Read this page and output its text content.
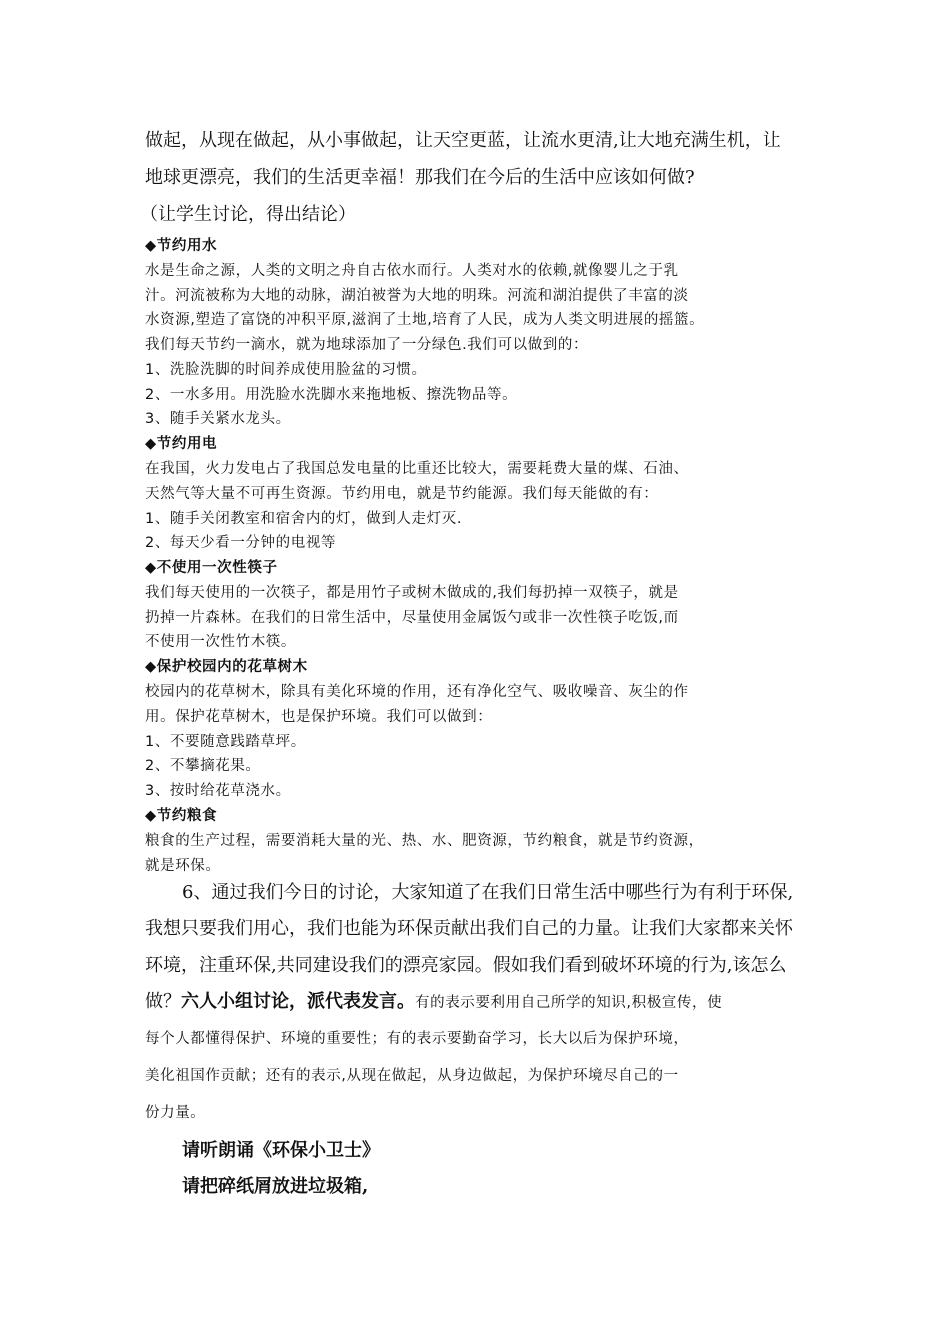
做起，从现在做起，从小事做起，让天空更蓝，让流水更清,让大地充满生机，让
地球更漂亮，我们的生活更幸福！那我们在今后的生活中应该如何做?
（让学生讨论，得出结论）
◆节约用水
水是生命之源，人类的文明之舟自古依水而行。人类对水的依赖,就像婴儿之于乳
汁。河流被称为大地的动脉，湖泊被誉为大地的明珠。河流和湖泊提供了丰富的淡
水资源,塑造了富饶的冲积平原,滋润了土地,培育了人民，成为人类文明进展的摇篮。
我们每天节约一滴水，就为地球添加了一分绿色.我们可以做到的：
1、洗脸洗脚的时间养成使用脸盆的习惯。
2、一水多用。用洗脸水洗脚水来拖地板、擦洗物品等。
3、随手关紧水龙头。
◆节约用电
在我国，火力发电占了我国总发电量的比重还比较大，需要耗费大量的煤、石油、
天然气等大量不可再生资源。节约用电，就是节约能源。我们每天能做的有：
1、随手关闭教室和宿舍内的灯，做到人走灯灭.
2、每天少看一分钟的电视等
◆不使用一次性筷子
我们每天使用的一次筷子，都是用竹子或树木做成的,我们每扔掉一双筷子，就是
扔掉一片森林。在我们的日常生活中，尽量使用金属饭勺或非一次性筷子吃饭,而
不使用一次性竹木筷。
◆保护校园内的花草树木
校园内的花草树木，除具有美化环境的作用，还有净化空气、吸收噪音、灰尘的作
用。保护花草树木，也是保护环境。我们可以做到：
1、不要随意践踏草坪。
2、不攀摘花果。
3、按时给花草浇水。
◆节约粮食
粮食的生产过程，需要消耗大量的光、热、水、肥资源，节约粮食，就是节约资源，
就是环保。
6、通过我们今日的讨论，大家知道了在我们日常生活中哪些行为有利于环保,
我想只要我们用心，我们也能为环保贡献出我们自己的力量。让我们大家都来关怀
环境，注重环保,共同建设我们的漂亮家园。假如我们看到破坏环境的行为,该怎么
做？六人小组讨论，派代表发言。有的表示要利用自己所学的知识,积极宣传，使
每个人都懂得保护、环境的重要性；有的表示要勤奋学习，长大以后为保护环境，
美化祖国作贡献；还有的表示,从现在做起，从身边做起，为保护环境尽自己的一
份力量。
请听朗诵《环保小卫士》
请把碎纸屑放进垃圾箱,
